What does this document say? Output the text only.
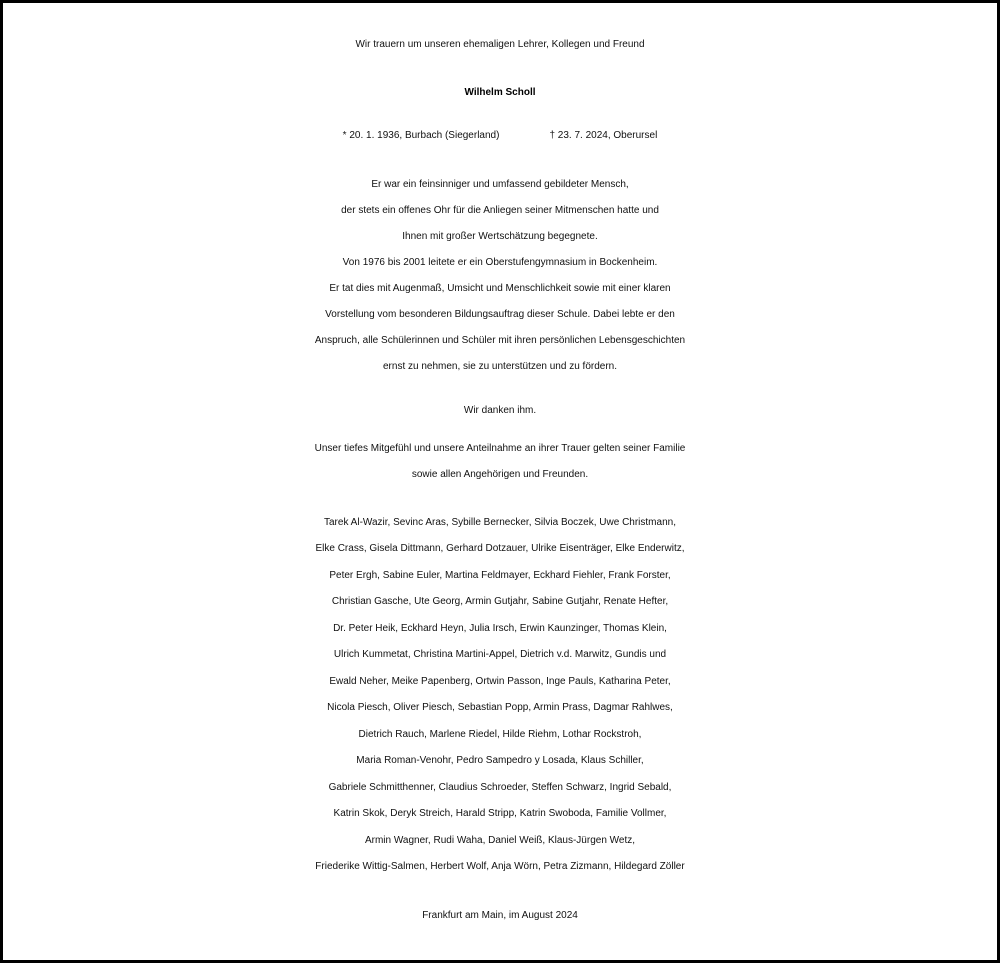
Wir trauern um unseren ehemaligen Lehrer, Kollegen und Freund
Wilhelm Scholl
* 20. 1. 1936, Burbach (Siegerland)	† 23. 7. 2024, Oberursel
Er war ein feinsinniger und umfassend gebildeter Mensch,
der stets ein offenes Ohr für die Anliegen seiner Mitmenschen hatte und
Ihnen mit großer Wertschätzung begegnete.
Von 1976 bis 2001 leitete er ein Oberstufengymnasium in Bockenheim.
Er tat dies mit Augenmaß, Umsicht und Menschlichkeit sowie mit einer klaren
Vorstellung vom besonderen Bildungsauftrag dieser Schule. Dabei lebte er den
Anspruch, alle Schülerinnen und Schüler mit ihren persönlichen Lebensgeschichten
ernst zu nehmen, sie zu unterstützen und zu fördern.
Wir danken ihm.
Unser tiefes Mitgefühl und unsere Anteilnahme an ihrer Trauer gelten seiner Familie
sowie allen Angehörigen und Freunden.
Tarek Al-Wazir, Sevinc Aras, Sybille Bernecker, Silvia Boczek, Uwe Christmann,
Elke Crass, Gisela Dittmann, Gerhard Dotzauer, Ulrike Eisenträger, Elke Enderwitz,
Peter Ergh, Sabine Euler, Martina Feldmayer, Eckhard Fiehler, Frank Forster,
Christian Gasche, Ute Georg, Armin Gutjahr, Sabine Gutjahr, Renate Hefter,
Dr. Peter Heik, Eckhard Heyn, Julia Irsch, Erwin Kaunzinger, Thomas Klein,
Ulrich Kummetat, Christina Martini-Appel, Dietrich v.d. Marwitz, Gundis und
Ewald Neher, Meike Papenberg, Ortwin Passon, Inge Pauls, Katharina Peter,
Nicola Piesch, Oliver Piesch, Sebastian Popp, Armin Prass, Dagmar Rahlwes,
Dietrich Rauch, Marlene Riedel, Hilde Riehm, Lothar Rockstroh,
Maria Roman-Venohr, Pedro Sampedro y Losada, Klaus Schiller,
Gabriele Schmitthenner, Claudius Schroeder, Steffen Schwarz, Ingrid Sebald,
Katrin Skok, Deryk Streich, Harald Stripp, Katrin Swoboda, Familie Vollmer,
Armin Wagner, Rudi Waha, Daniel Weiß, Klaus-Jürgen Wetz,
Friederike Wittig-Salmen, Herbert Wolf, Anja Wörn, Petra Zizmann, Hildegard Zöller
Frankfurt am Main, im August 2024
